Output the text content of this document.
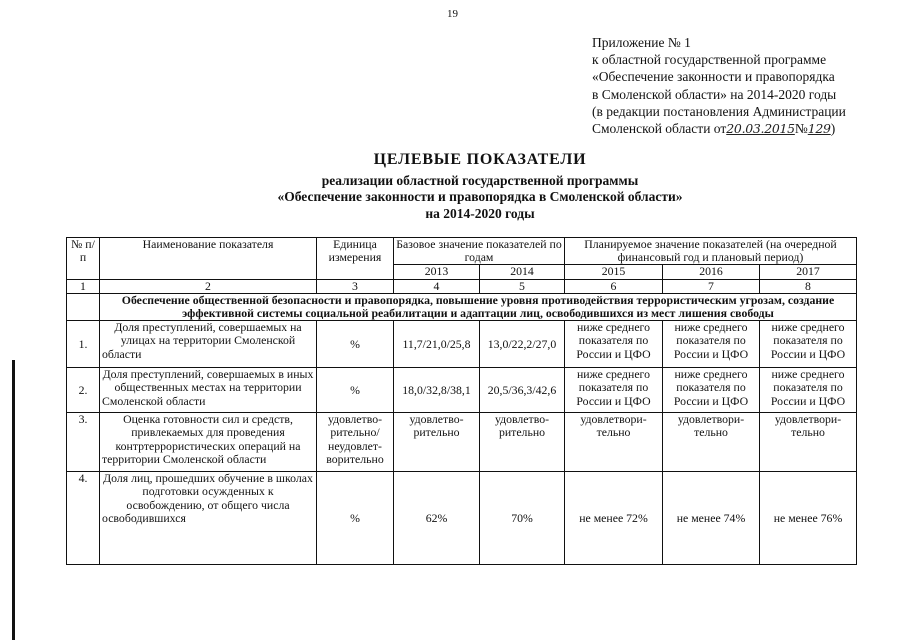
19
Приложение № 1
к областной государственной программе
«Обеспечение законности и правопорядка
в Смоленской области» на 2014-2020 годы
(в редакции постановления Администрации
Смоленской области от20.03.2015№129)
ЦЕЛЕВЫЕ ПОКАЗАТЕЛИ
реализации областной государственной программы
«Обеспечение законности и правопорядка в Смоленской области»
на 2014-2020 годы
№ п/п	Наименование показателя	Единица измерения	Базовое значение показателей по годам		Планируемое значение показателей (на очередной финансовый год и плановый период)		
			2013	2014	2015	2016	2017
1	2	3	4	5	6	7	8
	Обеспечение общественной безопасности и правопорядка, повышение уровня противодействия террористическим угрозам, создание эффективной системы социальной реабилитации и адаптации лиц, освободившихся из мест лишения свободы						
1.	Доля преступлений, совершаемых на улицах на территории Смоленской области	%	11,7/21,0/25,8	13,0/22,2/27,0	ниже среднего показателя по России и ЦФО	ниже среднего показателя по России и ЦФО	ниже среднего показателя по России и ЦФО
2.	Доля преступлений, совершаемых в иных общественных местах на территории Смоленской области	%	18,0/32,8/38,1	20,5/36,3/42,6	ниже среднего показателя по России и ЦФО	ниже среднего показателя по России и ЦФО	ниже среднего показателя по России и ЦФО
3.	Оценка готовности сил и средств, привлекаемых для проведения контртеррористических операций на территории Смоленской области	удовлетво-рительно/ неудовлет-ворительно	удовлетво-рительно	удовлетво-рительно	удовлетвори-тельно	удовлетвори-тельно	удовлетвори-тельно
4.	Доля лиц, прошедших обучение в школах подготовки осужденных к освобождению, от общего числа освободившихся	%	62%	70%	не менее 72%	не менее 74%	не менее 76%
